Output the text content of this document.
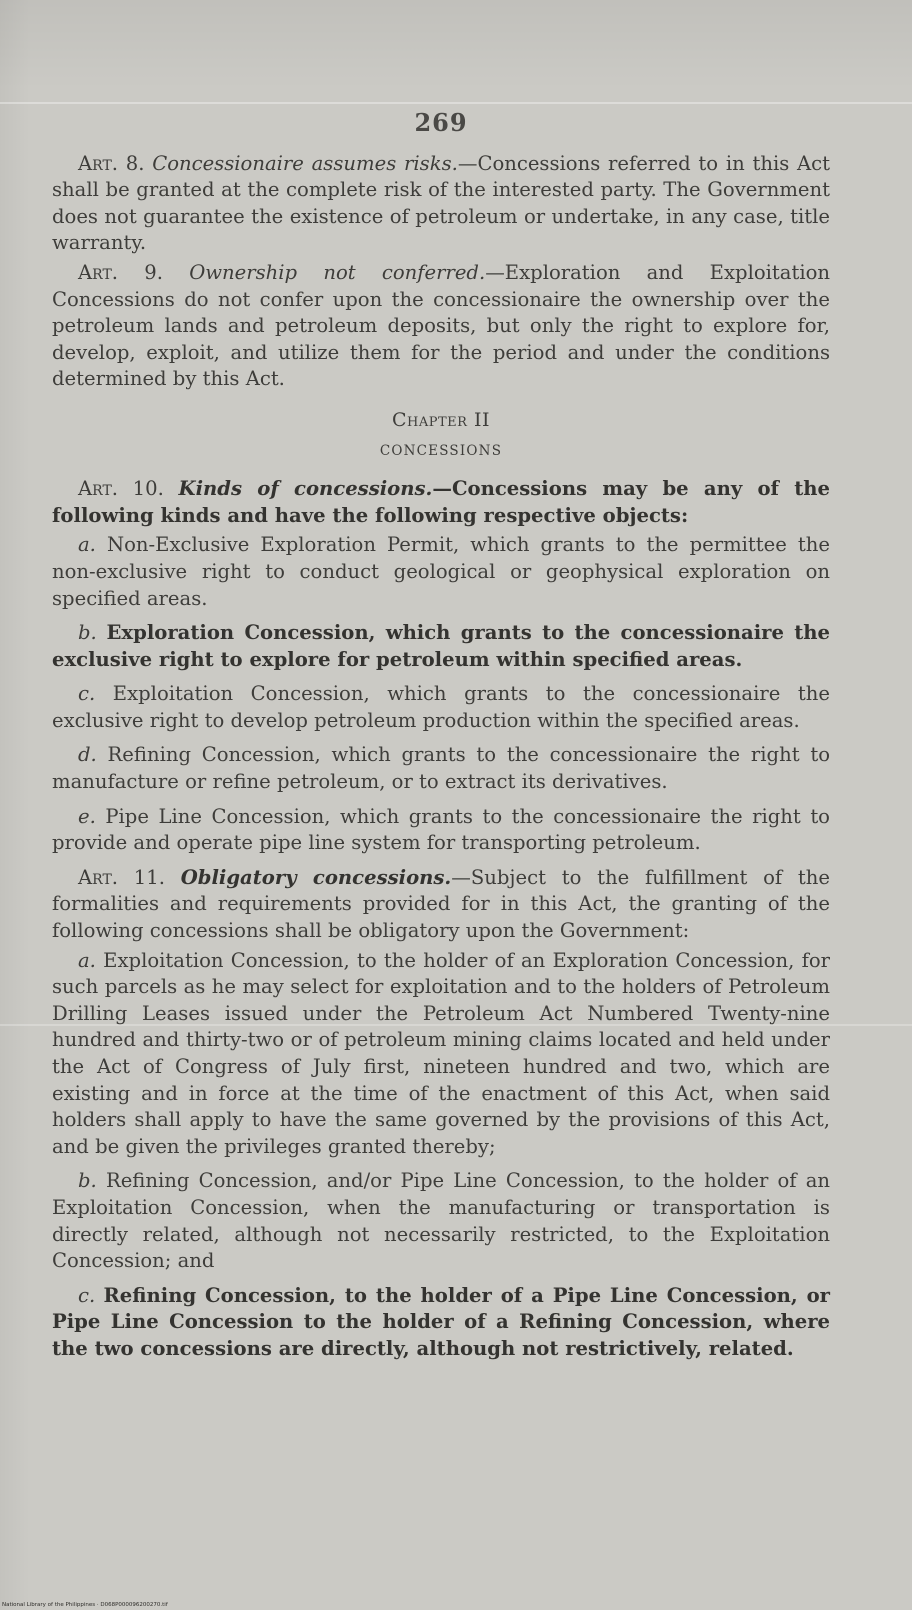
269

Art. 8. Concessionaire assumes risks.—Concessions referred to in this Act shall be granted at the complete risk of the interested party. The Government does not guarantee the existence of petroleum or undertake, in any case, title warranty.

Art. 9. Ownership not conferred.—Exploration and Exploitation Concessions do not confer upon the concessionaire the ownership over the petroleum lands and petroleum deposits, but only the right to explore for, develop, exploit, and utilize them for the period and under the conditions determined by this Act.

Chapter II
CONCESSIONS

Art. 10. Kinds of concessions.—Concessions may be any of the following kinds and have the following respective objects:

a. Non-Exclusive Exploration Permit, which grants to the permittee the non-exclusive right to conduct geological or geophysical exploration on specified areas.

b. Exploration Concession, which grants to the concessionaire the exclusive right to explore for petroleum within specified areas.

c. Exploitation Concession, which grants to the concessionaire the exclusive right to develop petroleum production within the specified areas.

d. Refining Concession, which grants to the concessionaire the right to manufacture or refine petroleum, or to extract its derivatives.

e. Pipe Line Concession, which grants to the concessionaire the right to provide and operate pipe line system for transporting petroleum.

Art. 11. Obligatory concessions.—Subject to the fulfillment of the formalities and requirements provided for in this Act, the granting of the following concessions shall be obligatory upon the Government:

a. Exploitation Concession, to the holder of an Exploration Concession, for such parcels as he may select for exploitation and to the holders of Petroleum Drilling Leases issued under the Petroleum Act Numbered Twenty-nine hundred and thirty-two or of petroleum mining claims located and held under the Act of Congress of July first, nineteen hundred and two, which are existing and in force at the time of the enactment of this Act, when said holders shall apply to have the same governed by the provisions of this Act, and be given the privileges granted thereby;

b. Refining Concession, and/or Pipe Line Concession, to the holder of an Exploitation Concession, when the manufacturing or transportation is directly related, although not necessarily restricted, to the Exploitation Concession; and

c. Refining Concession, to the holder of a Pipe Line Concession, or Pipe Line Concession to the holder of a Refining Concession, where the two concessions are directly, although not restrictively, related.

National Library of the Philippines · D068P000096200270.tif
